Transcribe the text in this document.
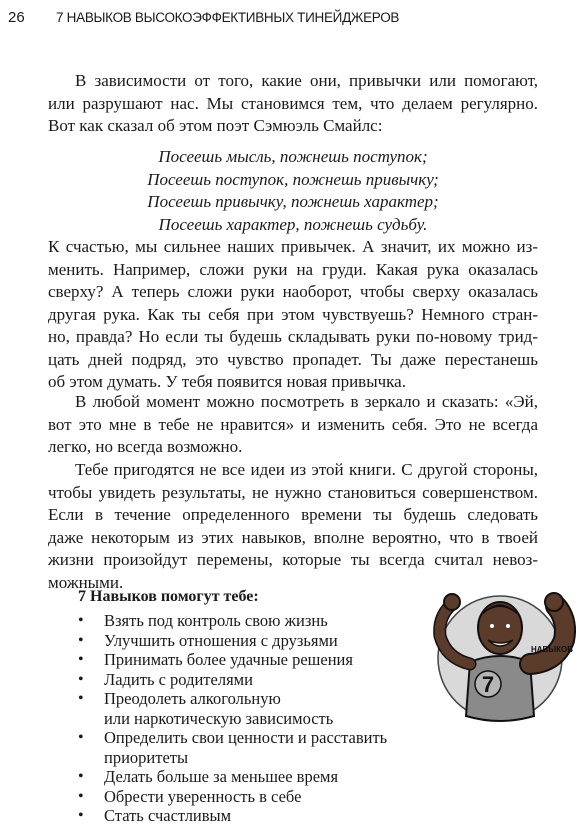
26 7 НАВЫКОВ ВЫСОКОЭФФЕКТИВНЫХ ТИНЕЙДЖЕРОВ
В зависимости от того, какие они, привычки или помогают,
или разрушают нас. Мы становимся тем, что делаем регулярно.
Вот как сказал об этом поэт Сэмюэль Смайлс:
Посеешь мысль, пожнешь поступок;
Посеешь поступок, пожнешь привычку;
Посеешь привычку, пожнешь характер;
Посеешь характер, пожнешь судьбу.
К счастью, мы сильнее наших привычек. А значит, их можно из-
менить. Например, сложи руки на груди. Какая рука оказалась
сверху? А теперь сложи руки наоборот, чтобы сверху оказалась
другая рука. Как ты себя при этом чувствуешь? Немного стран-
но, правда? Но если ты будешь складывать руки по-новому трид-
цать дней подряд, это чувство пропадет. Ты даже перестанешь
об этом думать. У тебя появится новая привычка.
В любой момент можно посмотреть в зеркало и сказать: «Эй,
вот это мне в тебе не нравится» и изменить себя. Это не всегда
легко, но всегда возможно.
Тебе пригодятся не все идеи из этой книги. С другой стороны,
чтобы увидеть результаты, не нужно становиться совершенством.
Если в течение определенного времени ты будешь следовать
даже некоторым из этих навыков, вполне вероятно, что в твоей
жизни произойдут перемены, которые ты всегда считал невоз-
можными.
7 Навыков помогут тебе:
• Взять под контроль свою жизнь
• Улучшить отношения с друзьями
• Принимать более удачные решения
• Ладить с родителями
• Преодолеть алкогольную
или наркотическую зависимость
• Определить свои ценности и расставить
приоритеты
• Делать больше за меньшее время
• Обрести уверенность в себе
• Стать счастливым
7
НАВЫКОВ
